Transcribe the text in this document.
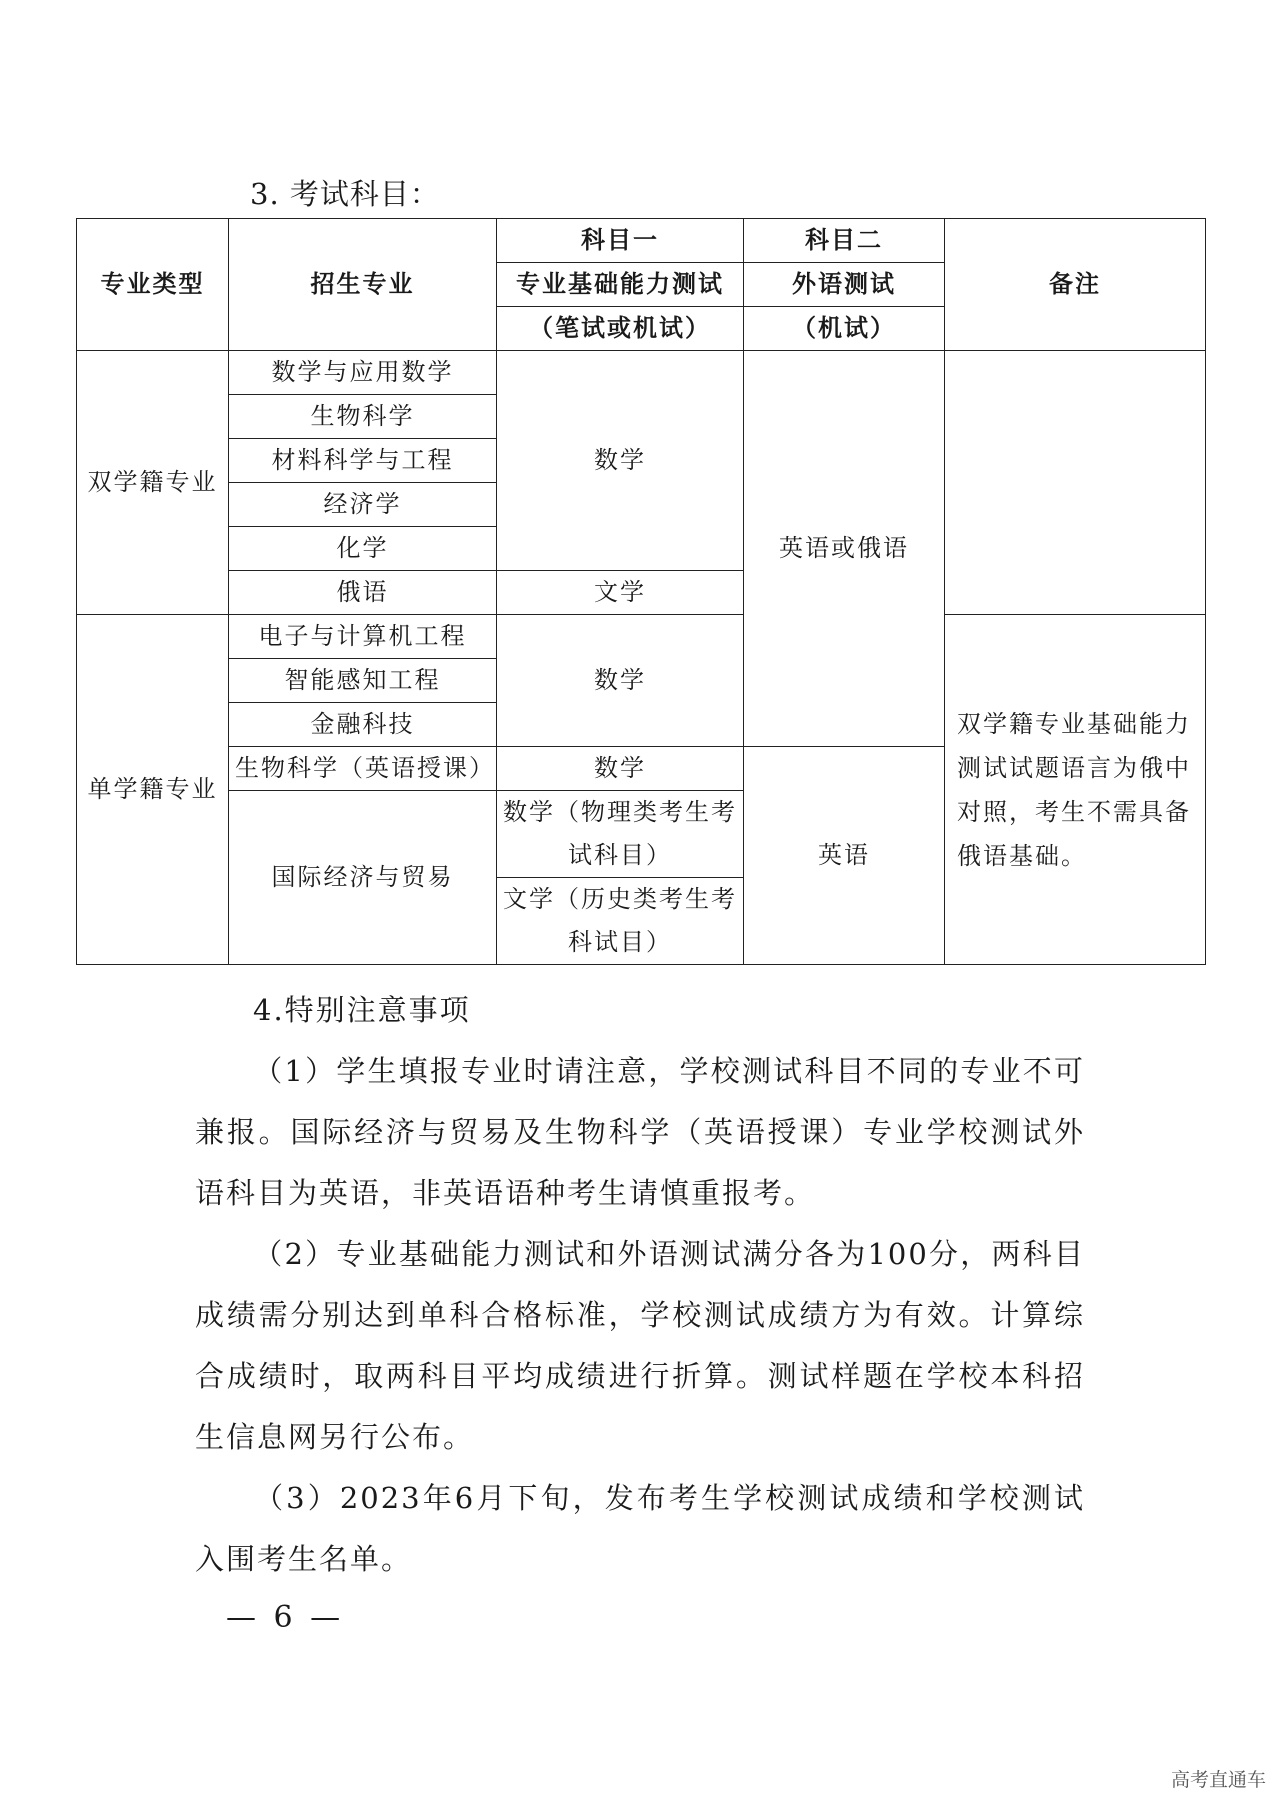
3. 考试科目：
专业类型	招生专业	科目一	科目二	备注
		专业基础能力测试	外语测试	
		（笔试或机试）	（机试）	
双学籍专业	数学与应用数学	数学	英语或俄语	
	生物科学			
	材料科学与工程			
	经济学			
	化学			
	俄语	文学		
单学籍专业	电子与计算机工程	数学		双学籍专业基础能力测试试题语言为俄中对照，考生不需具备俄语基础。
	智能感知工程			
	金融科技			
	生物科学（英语授课）	数学	英语	
	国际经济与贸易	数学（物理类考生考
试科目）		

		文学（历史类考生考
科试目）		

4.特别注意事项

（1）学生填报专业时请注意，学校测试科目不同的专业不可兼报。国际经济与贸易及生物科学（英语授课）专业学校测试外语科目为英语，非英语语种考生请慎重报考。

（2）专业基础能力测试和外语测试满分各为100分，两科目成绩需分别达到单科合格标准，学校测试成绩方为有效。计算综合成绩时，取两科目平均成绩进行折算。测试样题在学校本科招生信息网另行公布。

（3）2023年6月下旬，发布考生学校测试成绩和学校测试入围考生名单。

— 6 —
高考直通车
